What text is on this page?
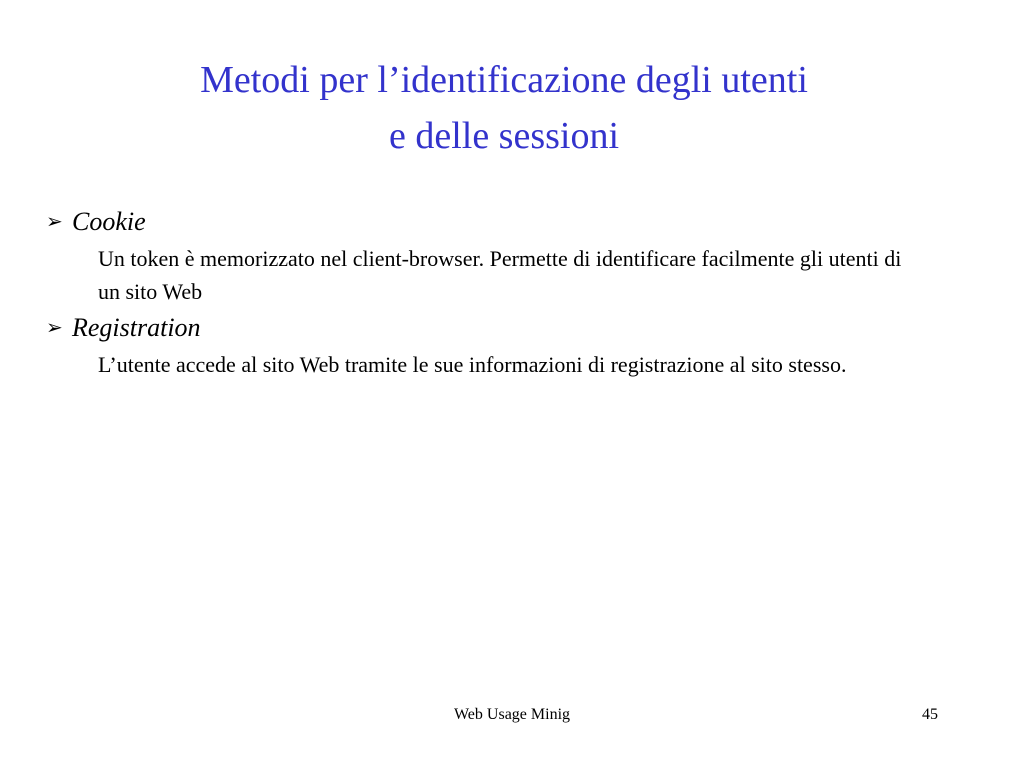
Metodi per l’identificazione degli utenti
e delle sessioni

➢ Cookie

Un token è memorizzato nel client-browser. Permette di identificare facilmente gli utenti di un sito Web

➢ Registration

L’utente accede al sito Web tramite le sue informazioni di registrazione al sito stesso.
Web Usage Minig	45
